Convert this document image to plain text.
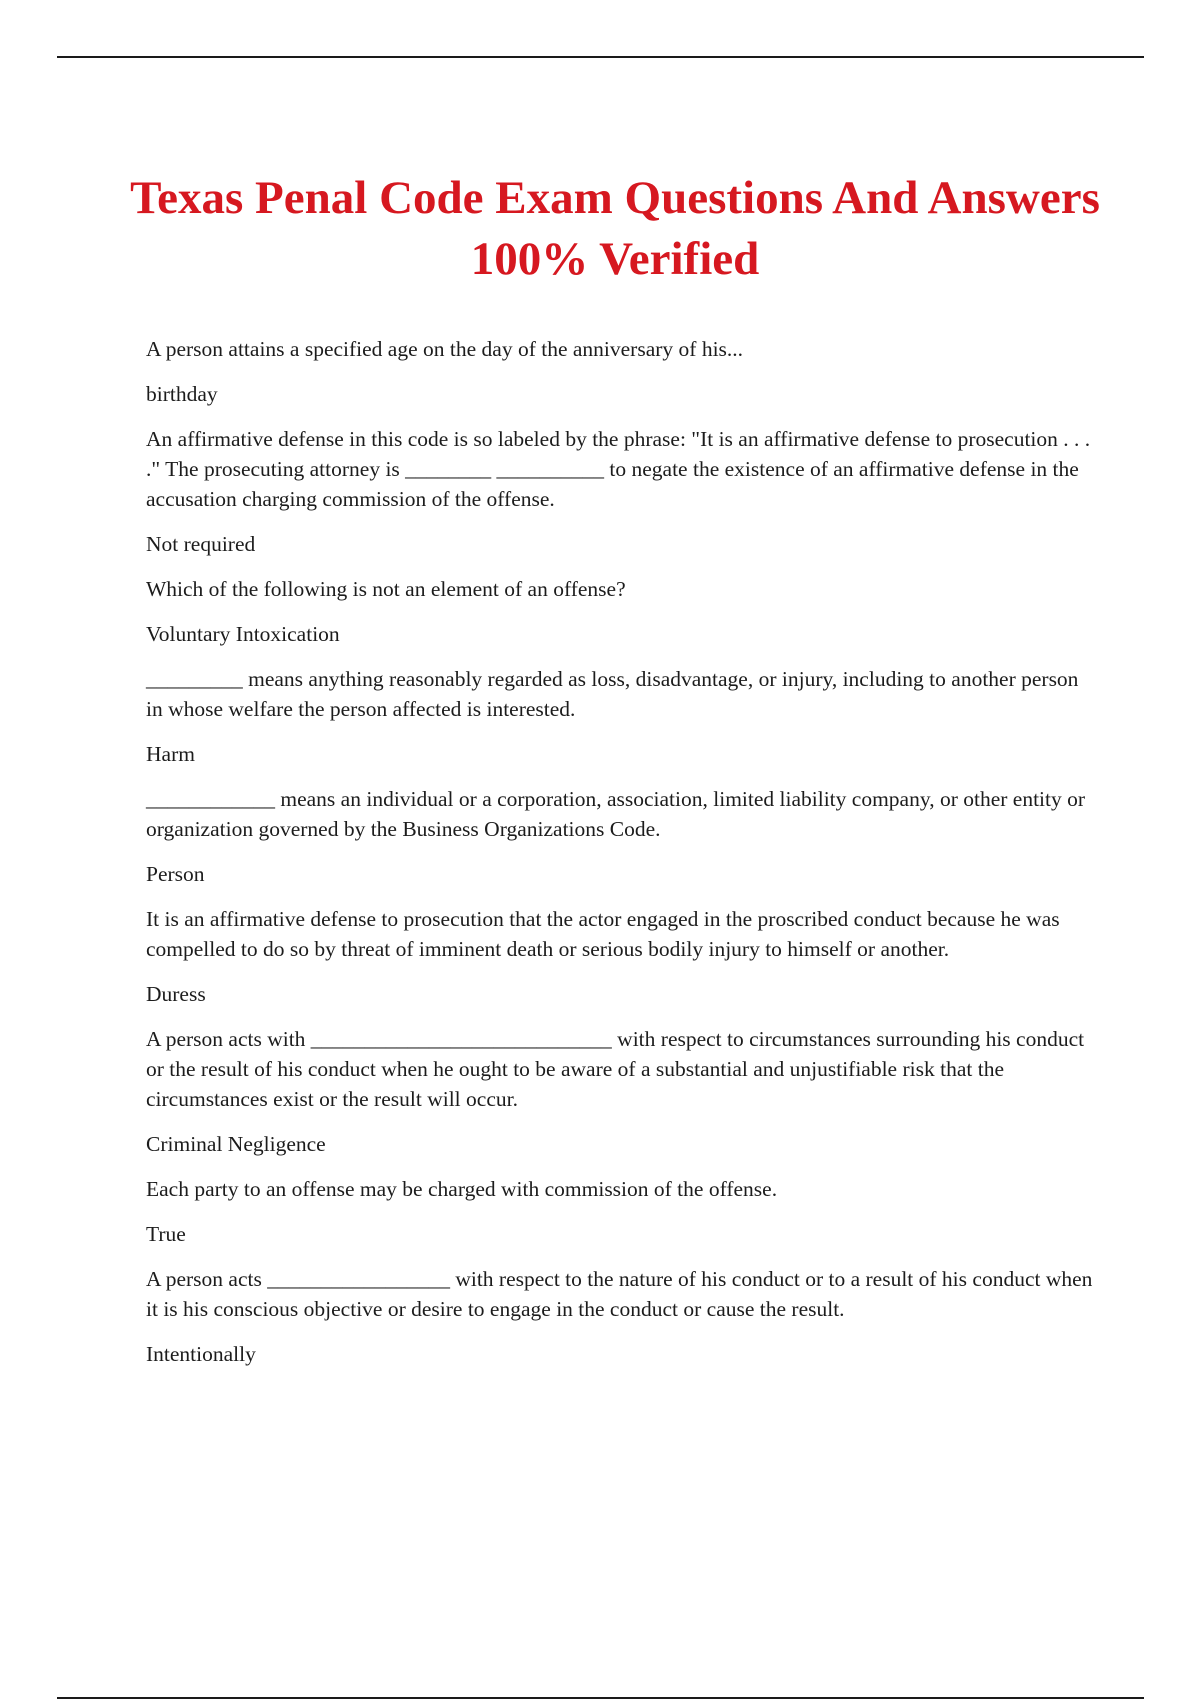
Texas Penal Code Exam Questions And Answers 100% Verified

A person attains a specified age on the day of the anniversary of his...

birthday

An affirmative defense in this code is so labeled by the phrase: "It is an affirmative defense to prosecution . . . ." The prosecuting attorney is ________ __________ to negate the existence of an affirmative defense in the accusation charging commission of the offense.

Not required

Which of the following is not an element of an offense?

Voluntary Intoxication

_________ means anything reasonably regarded as loss, disadvantage, or injury, including to another person in whose welfare the person affected is interested.

Harm

____________ means an individual or a corporation, association, limited liability company, or other entity or organization governed by the Business Organizations Code.

Person

It is an affirmative defense to prosecution that the actor engaged in the proscribed conduct because he was compelled to do so by threat of imminent death or serious bodily injury to himself or another.

Duress

A person acts with ____________________________ with respect to circumstances surrounding his conduct or the result of his conduct when he ought to be aware of a substantial and unjustifiable risk that the circumstances exist or the result will occur.

Criminal Negligence

Each party to an offense may be charged with commission of the offense.

True

A person acts _________________ with respect to the nature of his conduct or to a result of his conduct when it is his conscious objective or desire to engage in the conduct or cause the result.

Intentionally
